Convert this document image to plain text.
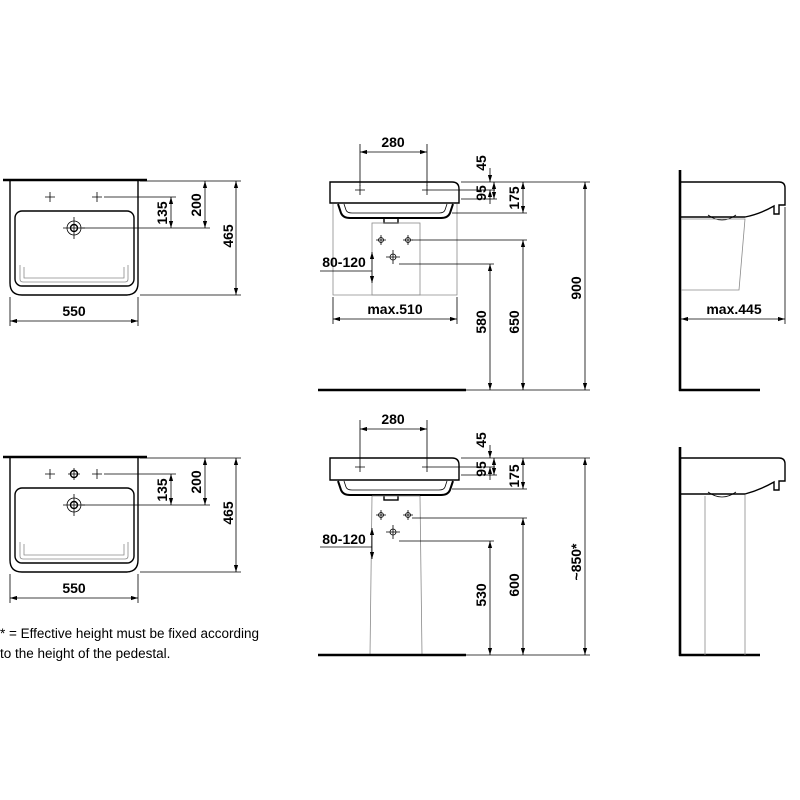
550
465
200
135
280
45
95 175
80-120
max.510
580 650
900
max.445
550
465
200
135
280
45
95 175
80-120
530 600
~850*
* = Effective height must be fixed according
to the height of the pedestal.
